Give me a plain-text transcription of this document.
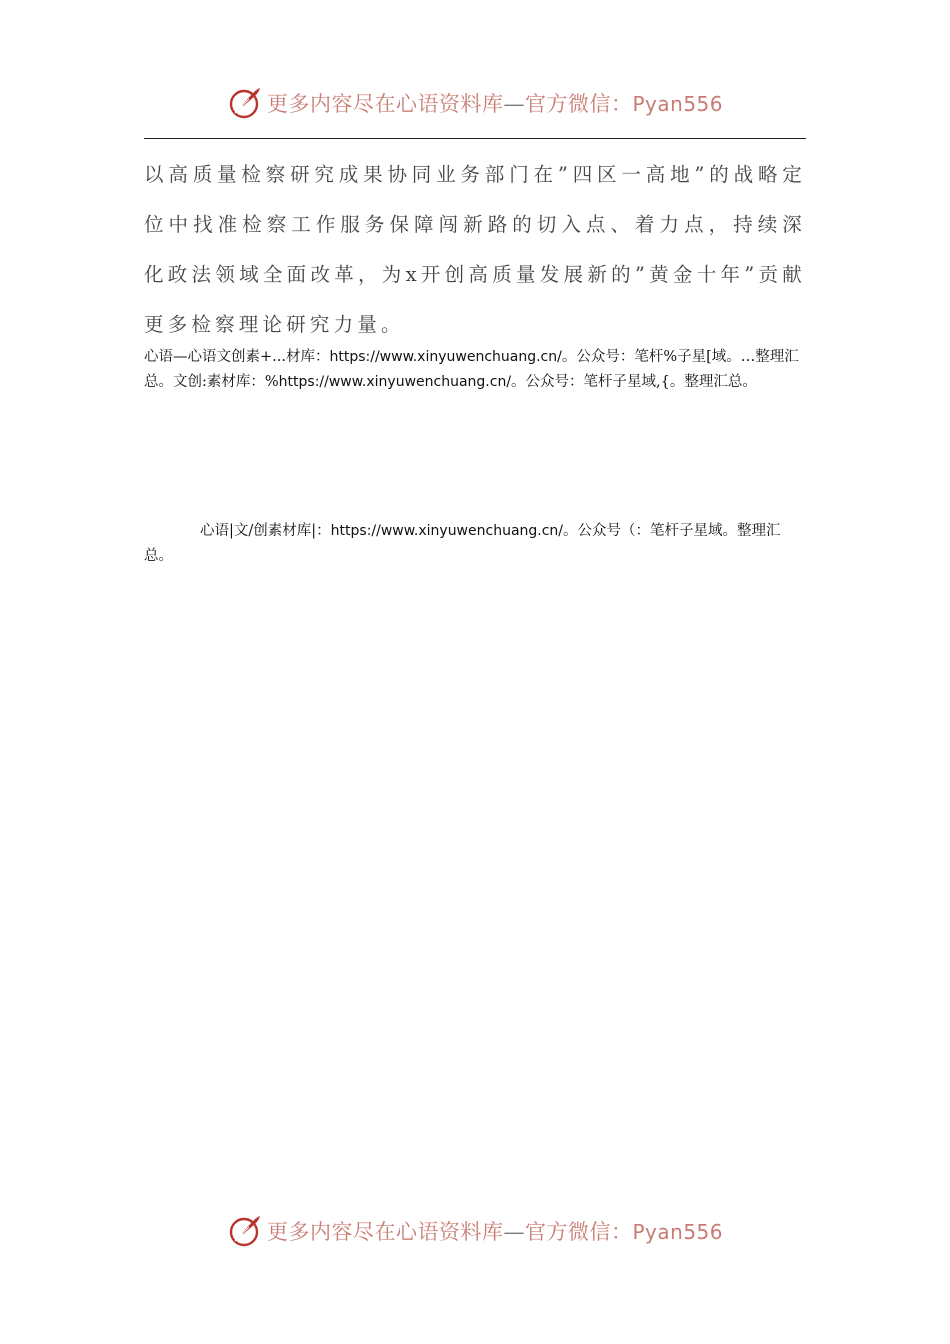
更多内容尽在心语资料库—官方微信：Pyan556
以高质量检察研究成果协同业务部门在”四区一高地”的战略定位中找准检察工作服务保障闯新路的切入点、着力点，持续深化政法领域全面改革，为x开创高质量发展新的”黄金十年”贡献更多检察理论研究力量。
心语—心语文创素+...材库：https://www.xinyuwenchuang.cn/。公众号：笔杆%子星[域。…整理汇总。文创:素材库：%https://www.xinyuwenchuang.cn/。公众号：笔杆子星域,{。整理汇总。
心语|文/创素材库|：https://www.xinyuwenchuang.cn/。公众号（：笔杆子星域。整理汇总。
更多内容尽在心语资料库—官方微信：Pyan556
